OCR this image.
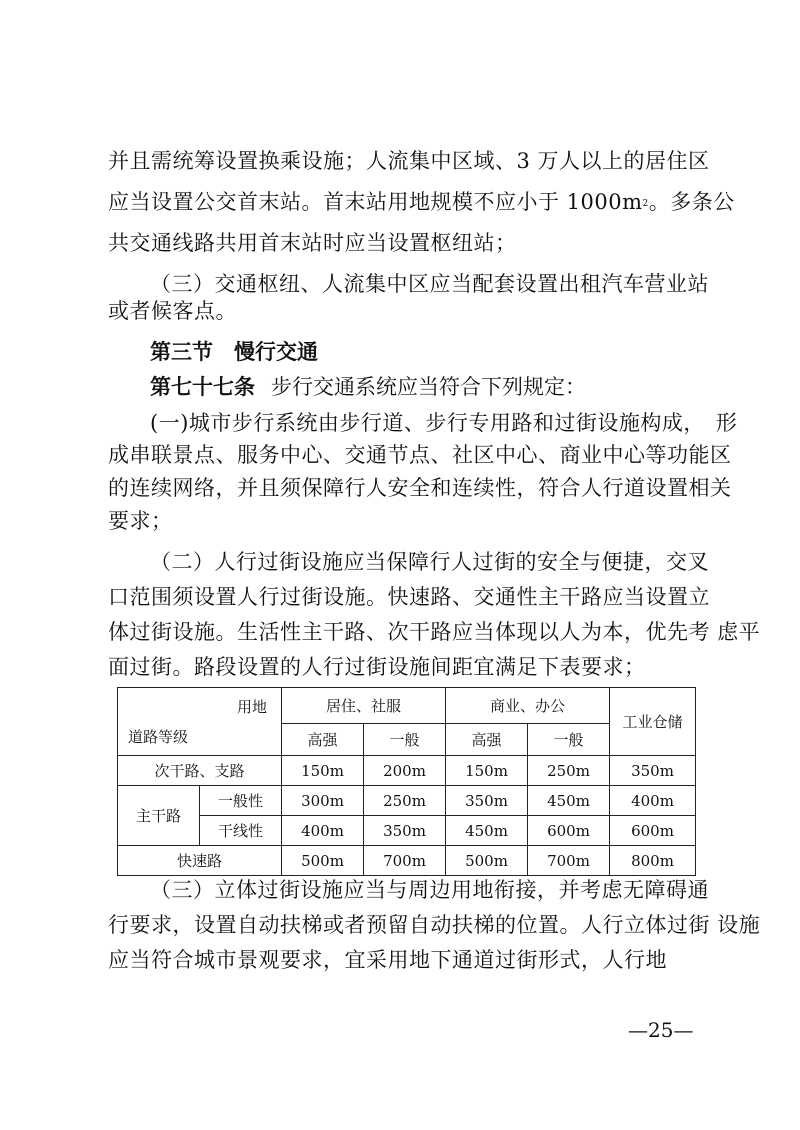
并且需统筹设置换乘设施；人流集中区域、3 万人以上的居住区
应当设置公交首末站。首末站用地规模不应小于 $1000m^2$。多条公
共交通线路共用首末站时应当设置枢纽站；
（三）交通枢纽、人流集中区应当配套设置出租汽车营业站
或者候客点。
第三节　慢行交通
第七十七条 步行交通系统应当符合下列规定：
(一)城市步行系统由步行道、步行专用路和过街设施构成，　形
成串联景点、服务中心、交通节点、社区中心、商业中心等功能区
的连续网络，并且须保障行人安全和连续性，符合人行道设置相关
要求；
（二）人行过街设施应当保障行人过街的安全与便捷，交叉
口范围须设置人行过街设施。快速路、交通性主干路应当设置立
体过街设施。生活性主干路、次干路应当体现以人为本，优先考 虑平
面过街。路段设置的人行过街设施间距宜满足下表要求；
用地
道路等级		居住、社服		商业、办公		工业仓储
		高强	一般	高强	一般	
次干路、支路		150m	200m	150m	250m	350m
主干路	一般性	300m	250m	350m	450m	400m
	干线性	400m	350m	450m	600m	600m
快速路		500m	700m	500m	700m	800m
（三）立体过街设施应当与周边用地衔接，并考虑无障碍通
行要求，设置自动扶梯或者预留自动扶梯的位置。人行立体过街 设施
应当符合城市景观要求，宜采用地下通道过街形式，人行地
—25—
